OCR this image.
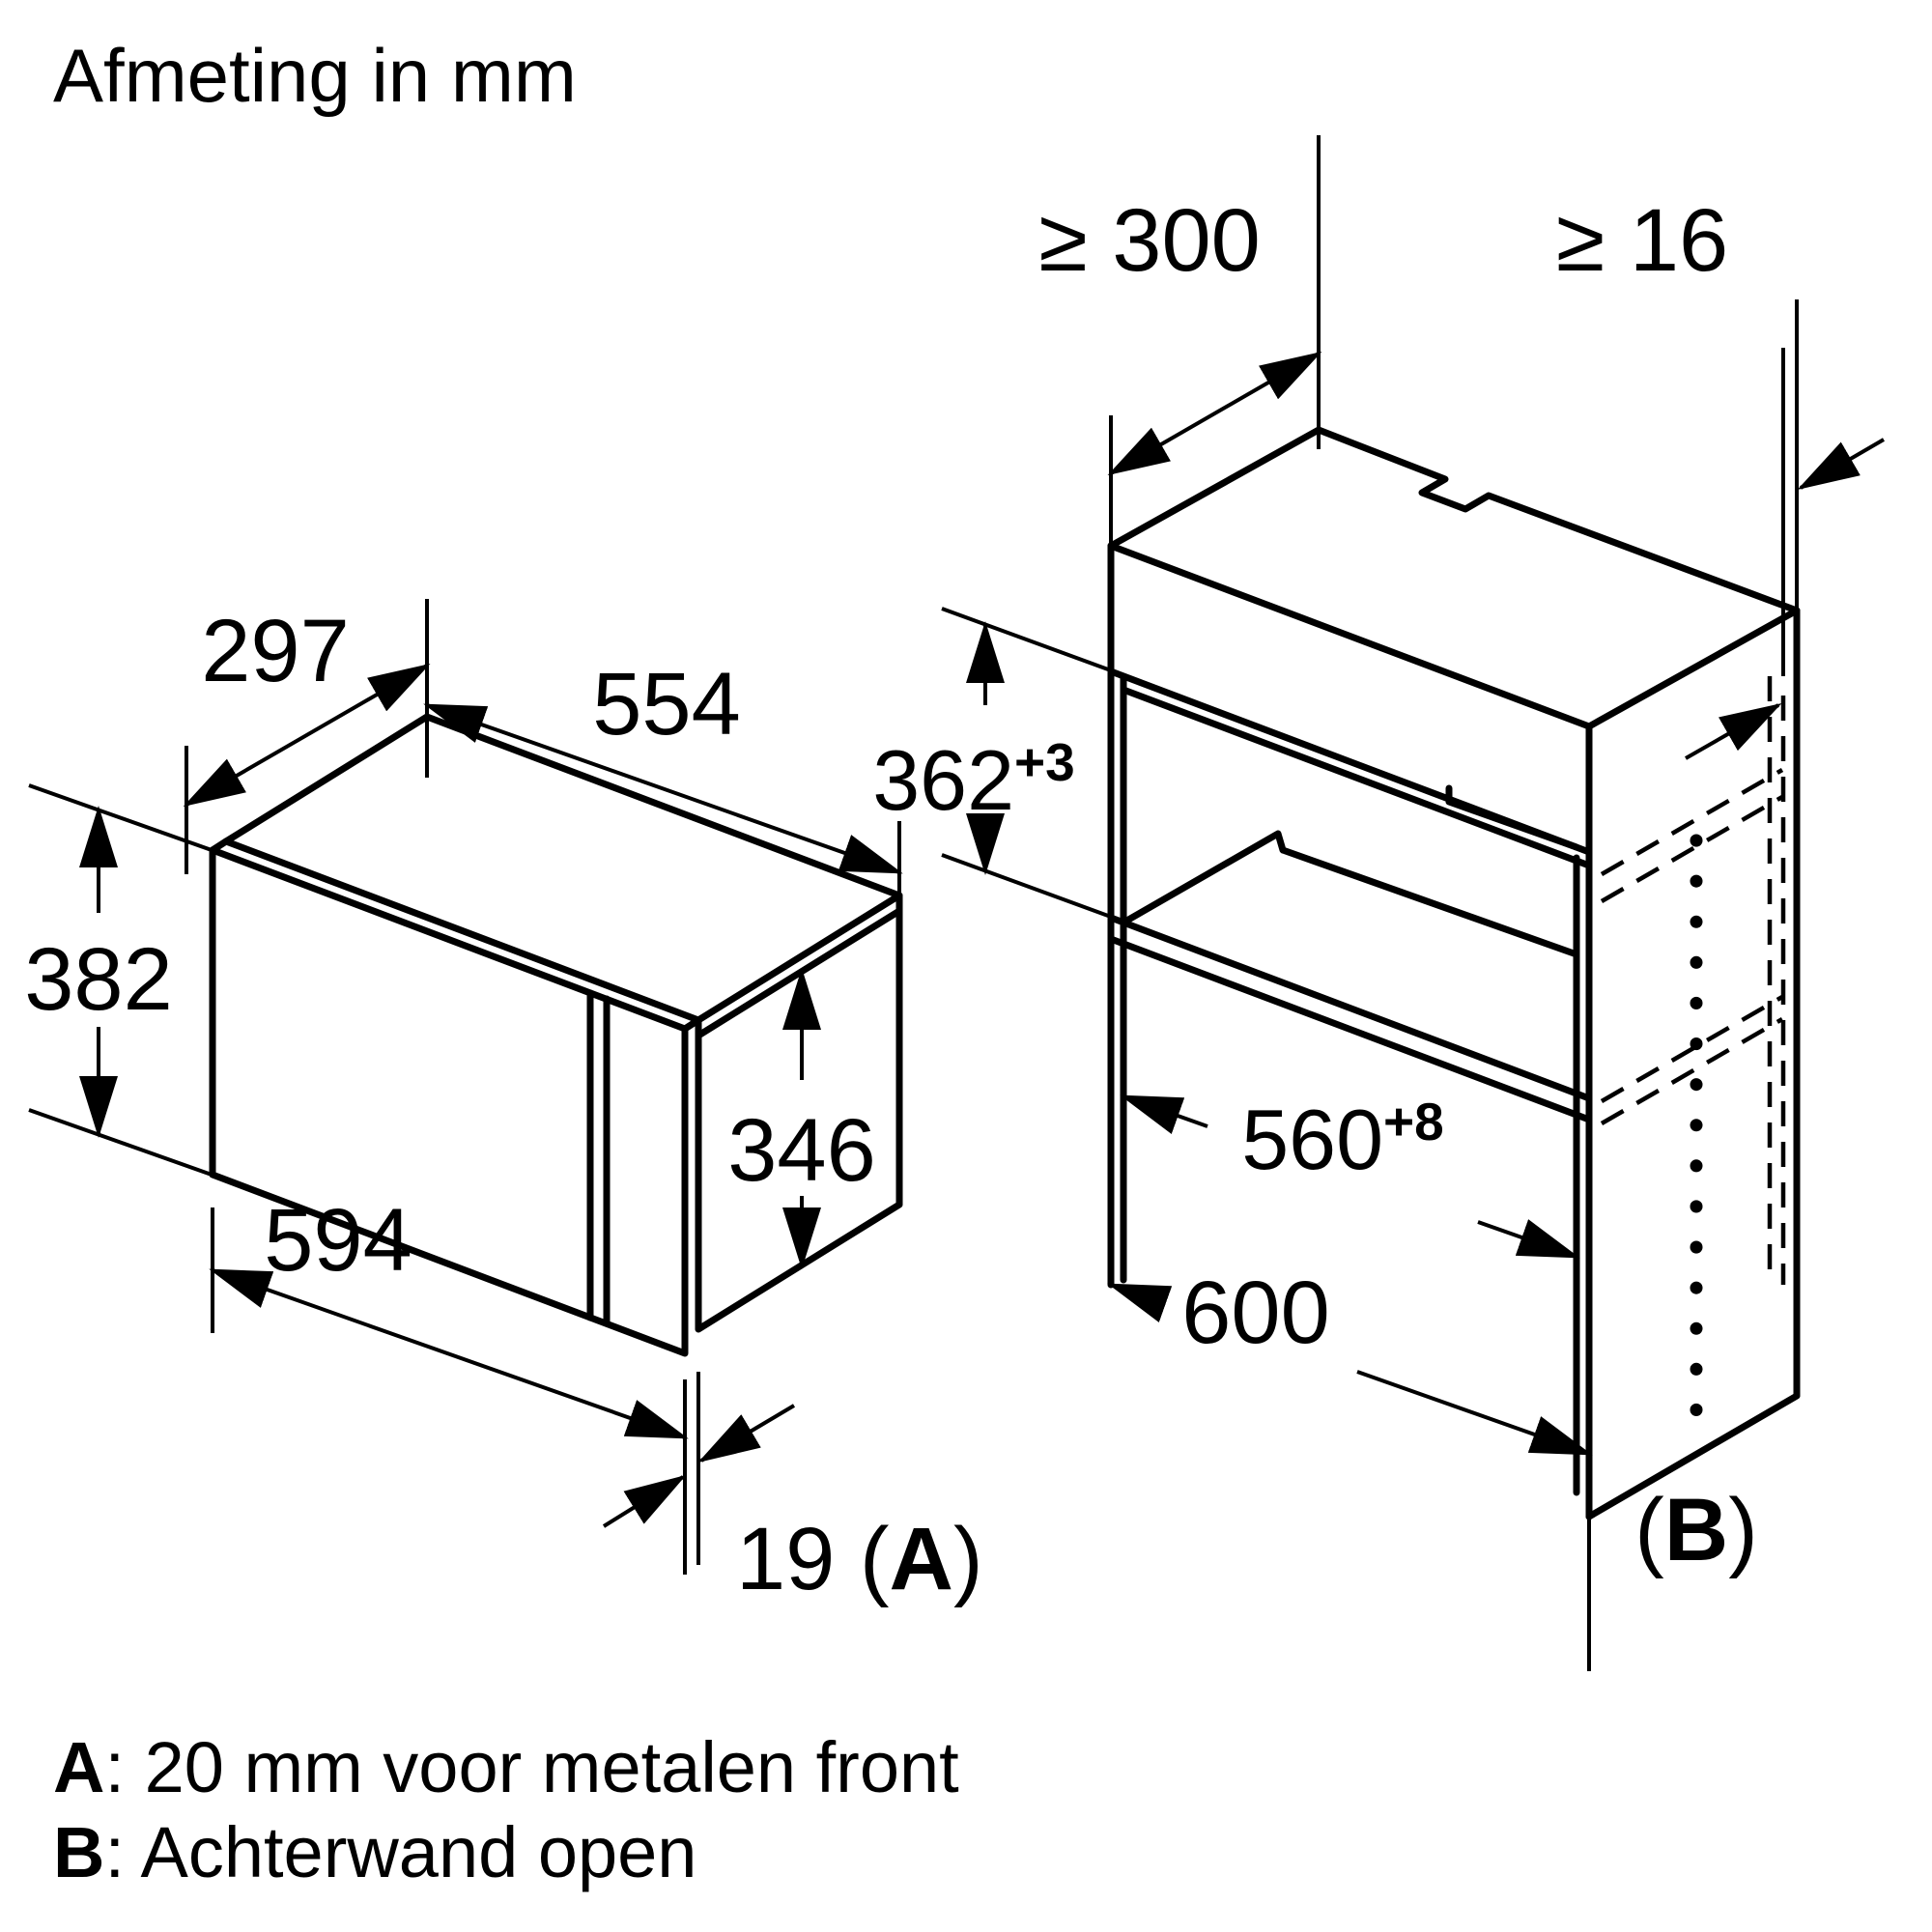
Afmeting in mm
297
554
382
346
594
19 (A)
≥ 300	≥ 16
$362^{+3}$
$560^{+8}$
600
(B)
A: 20 mm voor metalen front
B: Achterwand open
